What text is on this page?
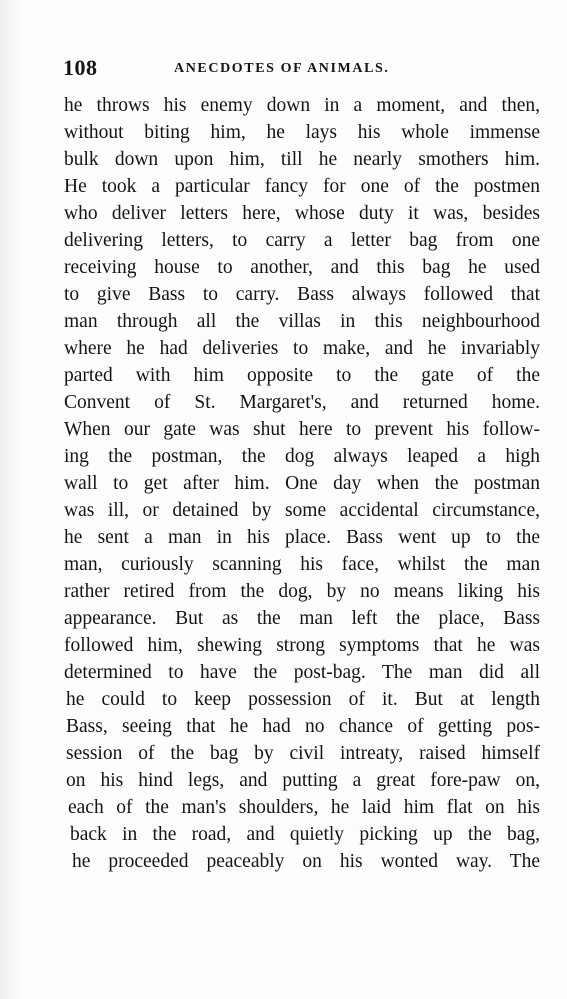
108	ANECDOTES OF ANIMALS.
he throws his enemy down in a moment, and then,
without biting him, he lays his whole immense
bulk down upon him, till he nearly smothers him.
He took a particular fancy for one of the postmen
who deliver letters here, whose duty it was, besides
delivering letters, to carry a letter bag from one
receiving house to another, and this bag he used
to give Bass to carry. Bass always followed that
man through all the villas in this neighbourhood
where he had deliveries to make, and he invariably
parted with him opposite to the gate of the
Convent of St. Margaret's, and returned home.
When our gate was shut here to prevent his follow-
ing the postman, the dog always leaped a high
wall to get after him. One day when the postman
was ill, or detained by some accidental circumstance,
he sent a man in his place. Bass went up to the
man, curiously scanning his face, whilst the man
rather retired from the dog, by no means liking his
appearance. But as the man left the place, Bass
followed him, shewing strong symptoms that he was
determined to have the post-bag. The man did all
he could to keep possession of it. But at length
Bass, seeing that he had no chance of getting pos-
session of the bag by civil intreaty, raised himself
on his hind legs, and putting a great fore-paw on,
each of the man's shoulders, he laid him flat on his
back in the road, and quietly picking up the bag,
he proceeded peaceably on his wonted way. The
